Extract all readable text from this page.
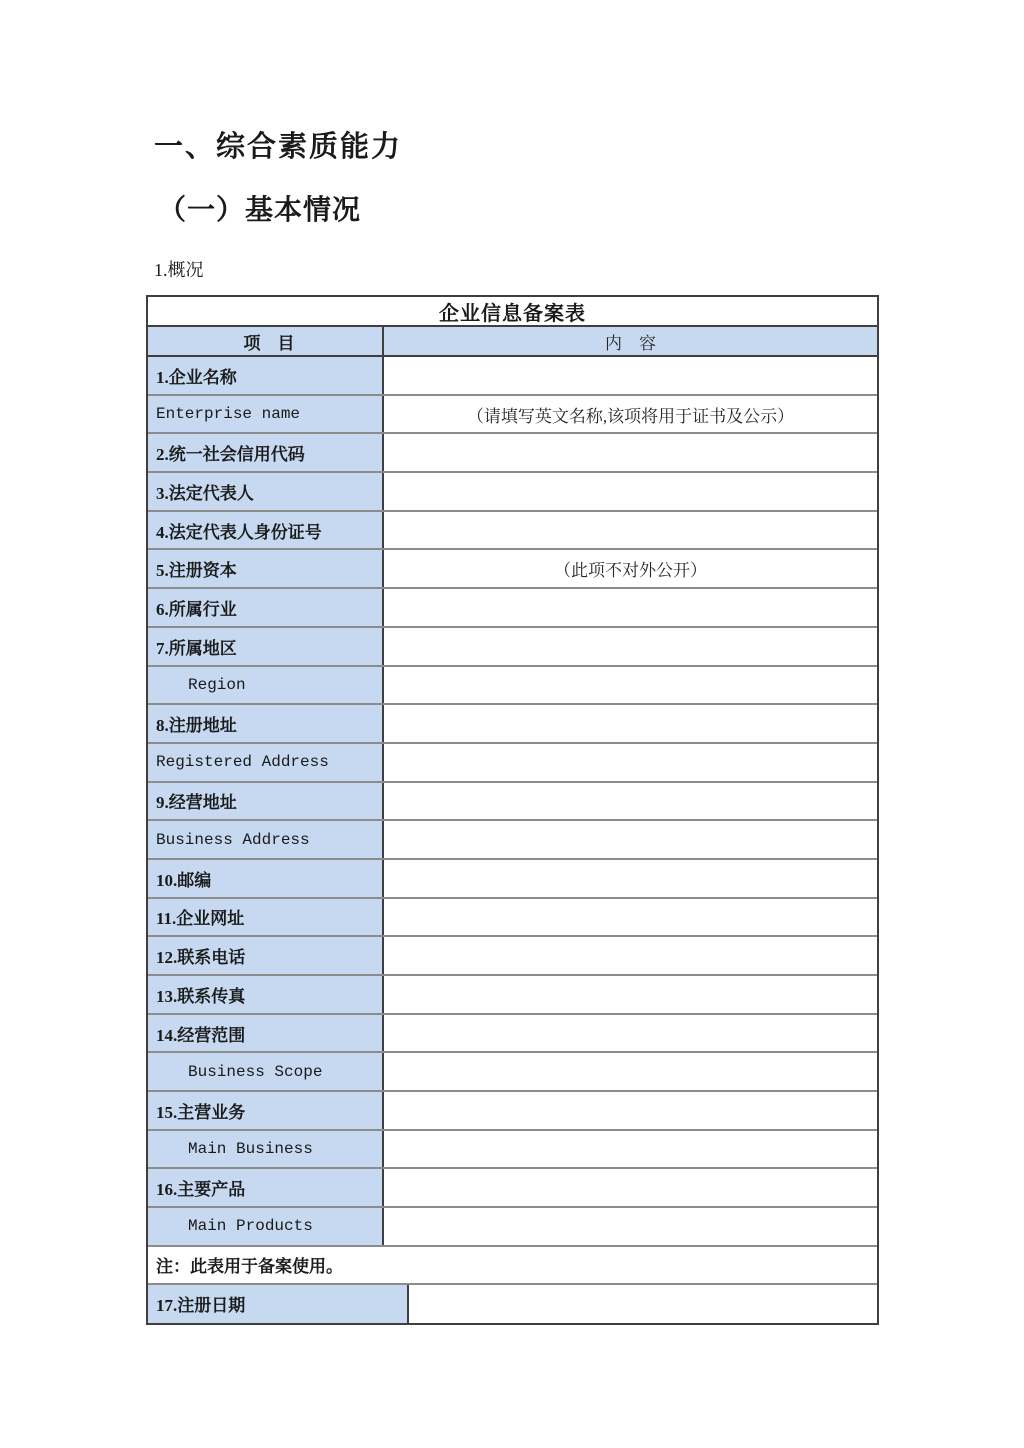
一、综合素质能力
（一）基本情况
1.概况
企业信息备案表
项　目	内　容
1.企业名称
Enterprise name	（请填写英文名称,该项将用于证书及公示）
2.统一社会信用代码
3.法定代表人
4.法定代表人身份证号
5.注册资本	（此项不对外公开）
6.所属行业
7.所属地区
Region
8.注册地址
Registered Address
9.经营地址
Business Address
10.邮编
11.企业网址
12.联系电话
13.联系传真
14.经营范围
Business Scope
15.主营业务
Main Business
16.主要产品
Main Products
注：此表用于备案使用。
17.注册日期
